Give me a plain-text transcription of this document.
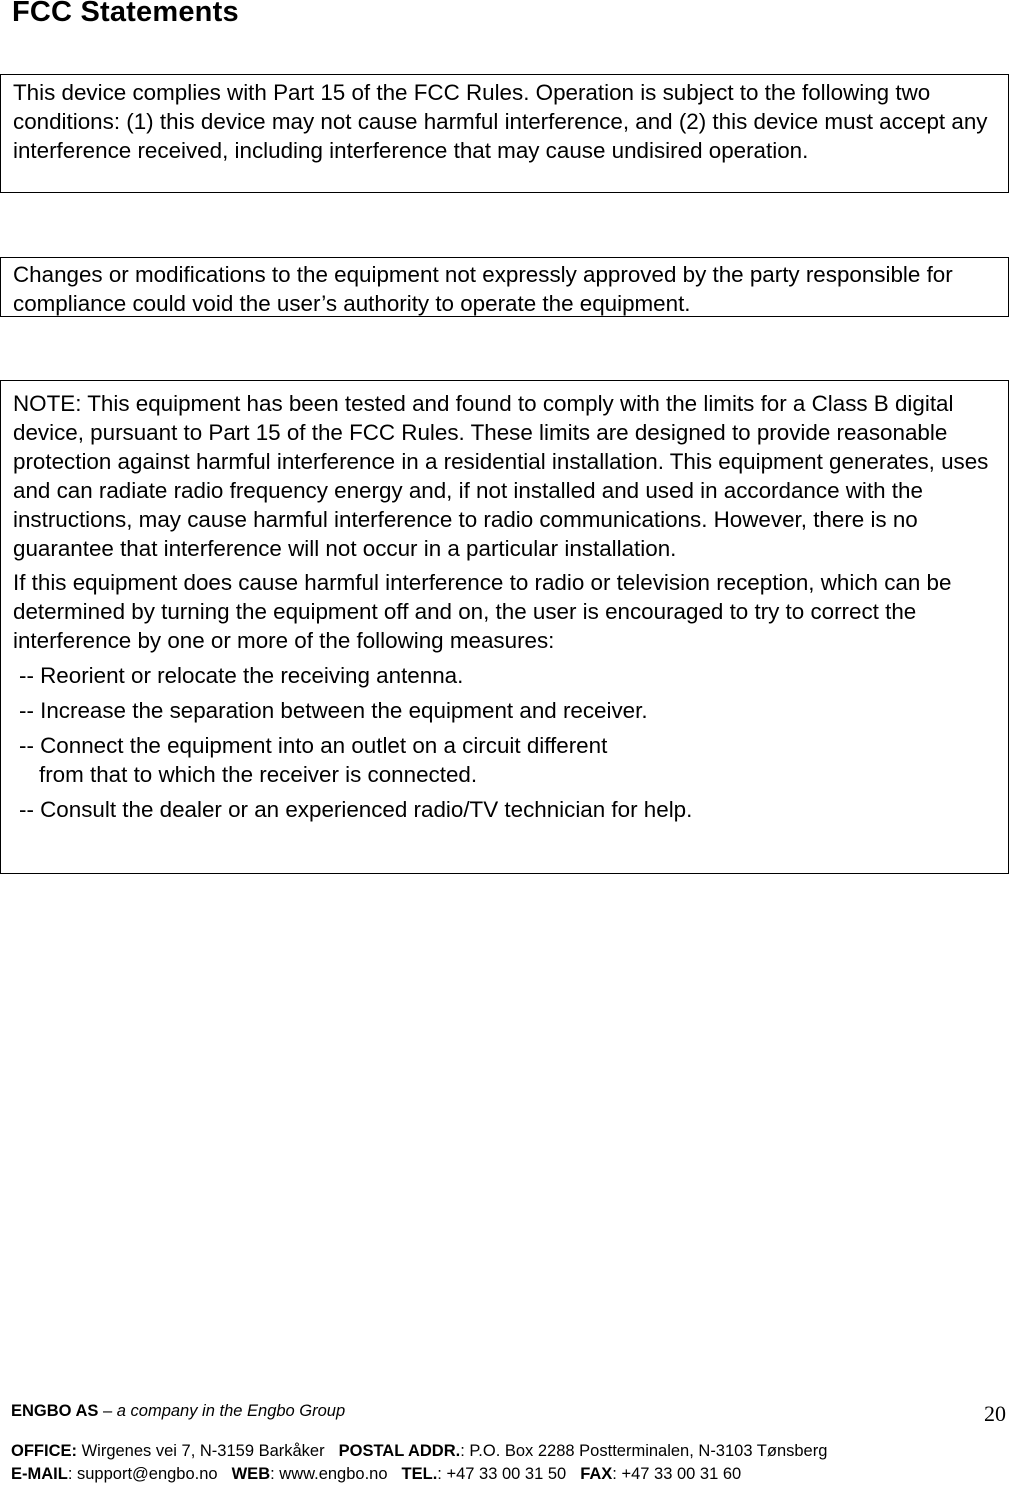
FCC Statements
This device complies with Part 15 of the FCC Rules. Operation is subject to the following two conditions: (1) this device may not cause harmful interference, and (2) this device must accept any interference received, including interference that may cause undisired operation.
Changes or modifications to the equipment not expressly approved by the party responsible for compliance could void the user’s authority to operate the equipment.
NOTE: This equipment has been tested and found to comply with the limits for a Class B digital device, pursuant to Part 15 of the FCC Rules. These limits are designed to provide reasonable protection against harmful interference in a residential installation. This equipment generates, uses and can radiate radio frequency energy and, if not installed and used in accordance with the instructions, may cause harmful interference to radio communications. However, there is no guarantee that interference will not occur in a particular installation.
If this equipment does cause harmful interference to radio or television reception, which can be determined by turning the equipment off and on, the user is encouraged to try to correct the interference by one or more of the following measures:
-- Reorient or relocate the receiving antenna.
-- Increase the separation between the equipment and receiver.
-- Connect the equipment into an outlet on a circuit different
from that to which the receiver is connected.
-- Consult the dealer or an experienced radio/TV technician for help.
ENGBO AS – a company in the Engbo Group	20
OFFICE: Wirgenes vei 7, N-3159 Barkåker POSTAL ADDR.: P.O. Box 2288 Postterminalen, N-3103 Tønsberg
E-MAIL: support@engbo.no WEB: www.engbo.no TEL.: +47 33 00 31 50 FAX: +47 33 00 31 60
